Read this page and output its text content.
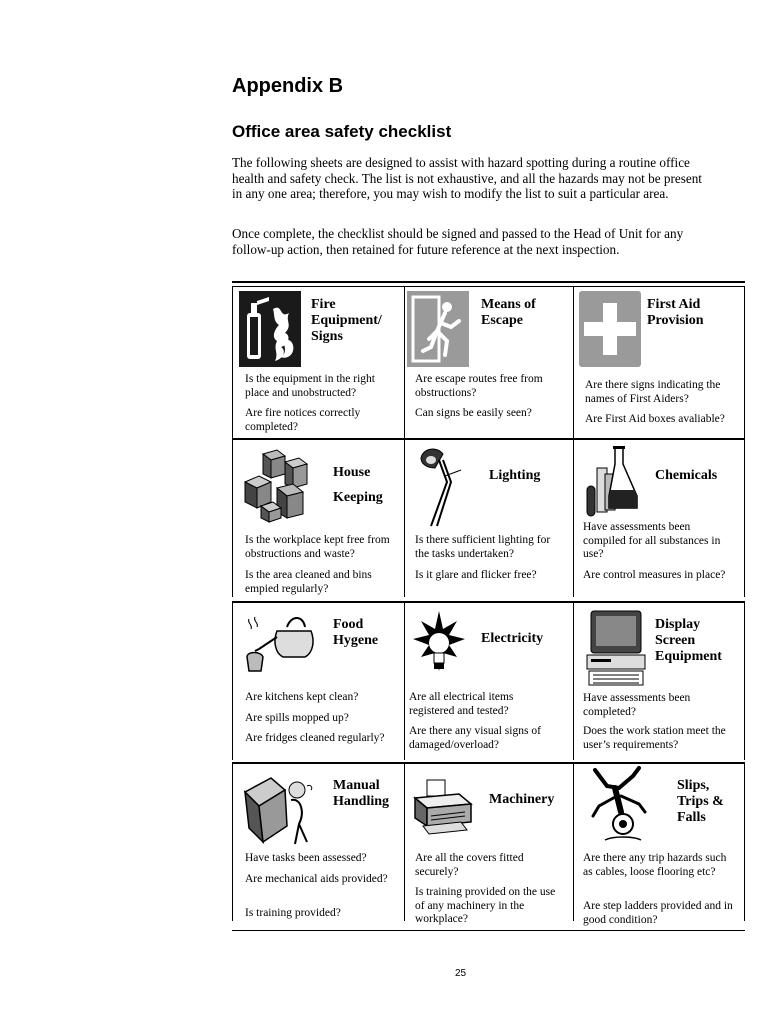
Appendix B
Office area safety checklist
The following sheets are designed to assist with hazard spotting during a routine office health and safety check. The list is not exhaustive, and all the hazards may not be present in any one area; therefore, you may wish to modify the list to suit a particular area.
Once complete, the checklist should be signed and passed to the Head of Unit for any follow-up action, then retained for future reference at the next inspection.
Fire
Equipment/
Signs
Is the equipment in the right place and unobstructed?
Are fire notices correctly completed?
Means of
Escape
Are escape routes free from obstructions?
Can signs be easily seen?
First Aid
Provision
Are there signs indicating the names of First Aiders?
Are First Aid boxes avaliable?
House
Keeping
Is the workplace kept free from obstructions and waste?
Is the area cleaned and bins empied regularly?
Lighting
Is there sufficient lighting for the tasks undertaken?
Is it glare and flicker free?
Chemicals
Have assessments been compiled for all substances in use?
Are control measures in place?
Food
Hygene
Are kitchens kept clean?
Are spills mopped up?
Are fridges cleaned regularly?
Electricity
Are all electrical items registered and tested?
Are there any visual signs of damaged/overload?
Display
Screen
Equipment
Have assessments been completed?
Does the work station meet the user’s requirements?
Manual
Handling
Have tasks been assessed?
Are mechanical aids provided?
Is training provided?
Machinery
Are all the covers fitted securely?
Is training provided on the use of any machinery in the workplace?
Slips,
Trips &
Falls
Are there any trip hazards such as cables, loose flooring etc?
Are step ladders provided and in good condition?
25
